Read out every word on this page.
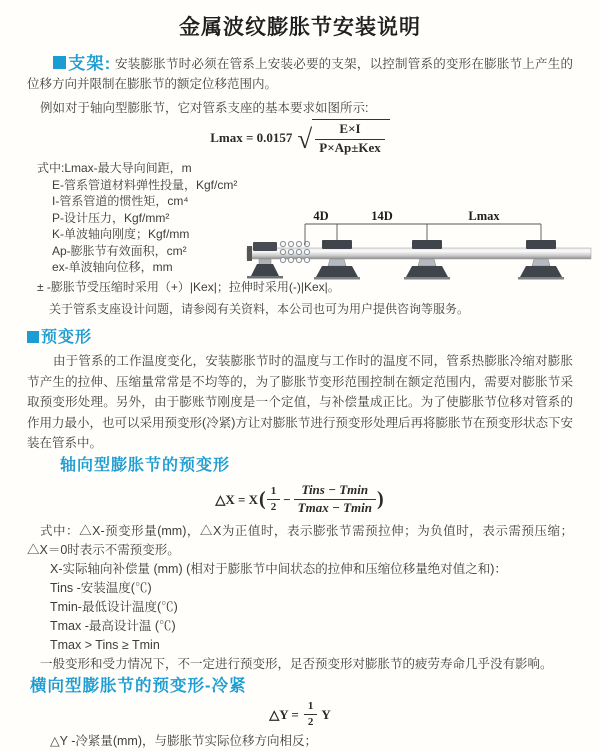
金属波纹膨胀节安装说明

支架: 安装膨胀节时必须在管系上安装必要的支架，以控制管系的变形在膨胀节上产生的位移方向并限制在膨胀节的额定位移范围内。

例如对于轴向型膨胀节，它对管系支座的基本要求如图所示:

Lmax = 0.0157 √ $\frac{E\times I}{\text{P×Ap±Kex}}$
式中:Lmax-最大导向间距，m
E-管系管道材料弹性投量，Kgf/cm²
I-管系管道的惯性矩，cm⁴
P-设计压力，Kgf/mm²
K-单波轴向刚度；Kgf/mm
Ap-膨胀节有效面积，cm²
ex-单波轴向位移，mm
± -膨胀节受压缩时采用（+）|Kex|；拉伸时采用(-)|Kex|。
关于管系支座设计问题，请参阅有关资料，本公司也可为用户提供咨询等服务。
4D	14D	Lmax
预变形

由于管系的工作温度变化，安装膨胀节时的温度与工作时的温度不同，管系热膨胀冷缩对膨胀节产生的拉伸、压缩量常常是不均等的，为了膨胀节变形范围控制在额定范围内，需要对膨胀节采取预变形处理。另外，由于膨账节刚度是一个定值，与补偿量成正比。为了使膨胀节位移对管系的作用力最小，也可以采用预变形(冷紧)方让对膨胀节进行预变形处理后再将膨胀节在预变形状态下安装在管系中。

轴向型膨胀节的预变形
△X = X ( $\frac{1}{2} - \frac{\text{Tins − Tmin}}{Tmax - Tmin}$ )

式中：△X-预变形量(mm)，△X为正值时，表示膨张节需预拉伸；为负值时，表示需预压缩；△X＝0时表示不需预变形。

X-实际轴向补偿量 (mm) (相对于膨胀节中间状态的拉伸和压缩位移量绝对值之和)：
Tins -安装温度(℃)
Tmin-最低设计温度(℃)
Tmax -最高设计温 (℃)
Tmax > Tins ≥ Tmin
一般变形和受力情况下，不一定进行预变形，足否预变形对膨胀节的疲劳寿命几乎没有影响。
横向型膨胀节的预变形-冷紧
△Y = $\frac{1}{2}$ Y

△Y -冷紧量(mm)，与膨胀节实际位移方向相反；
